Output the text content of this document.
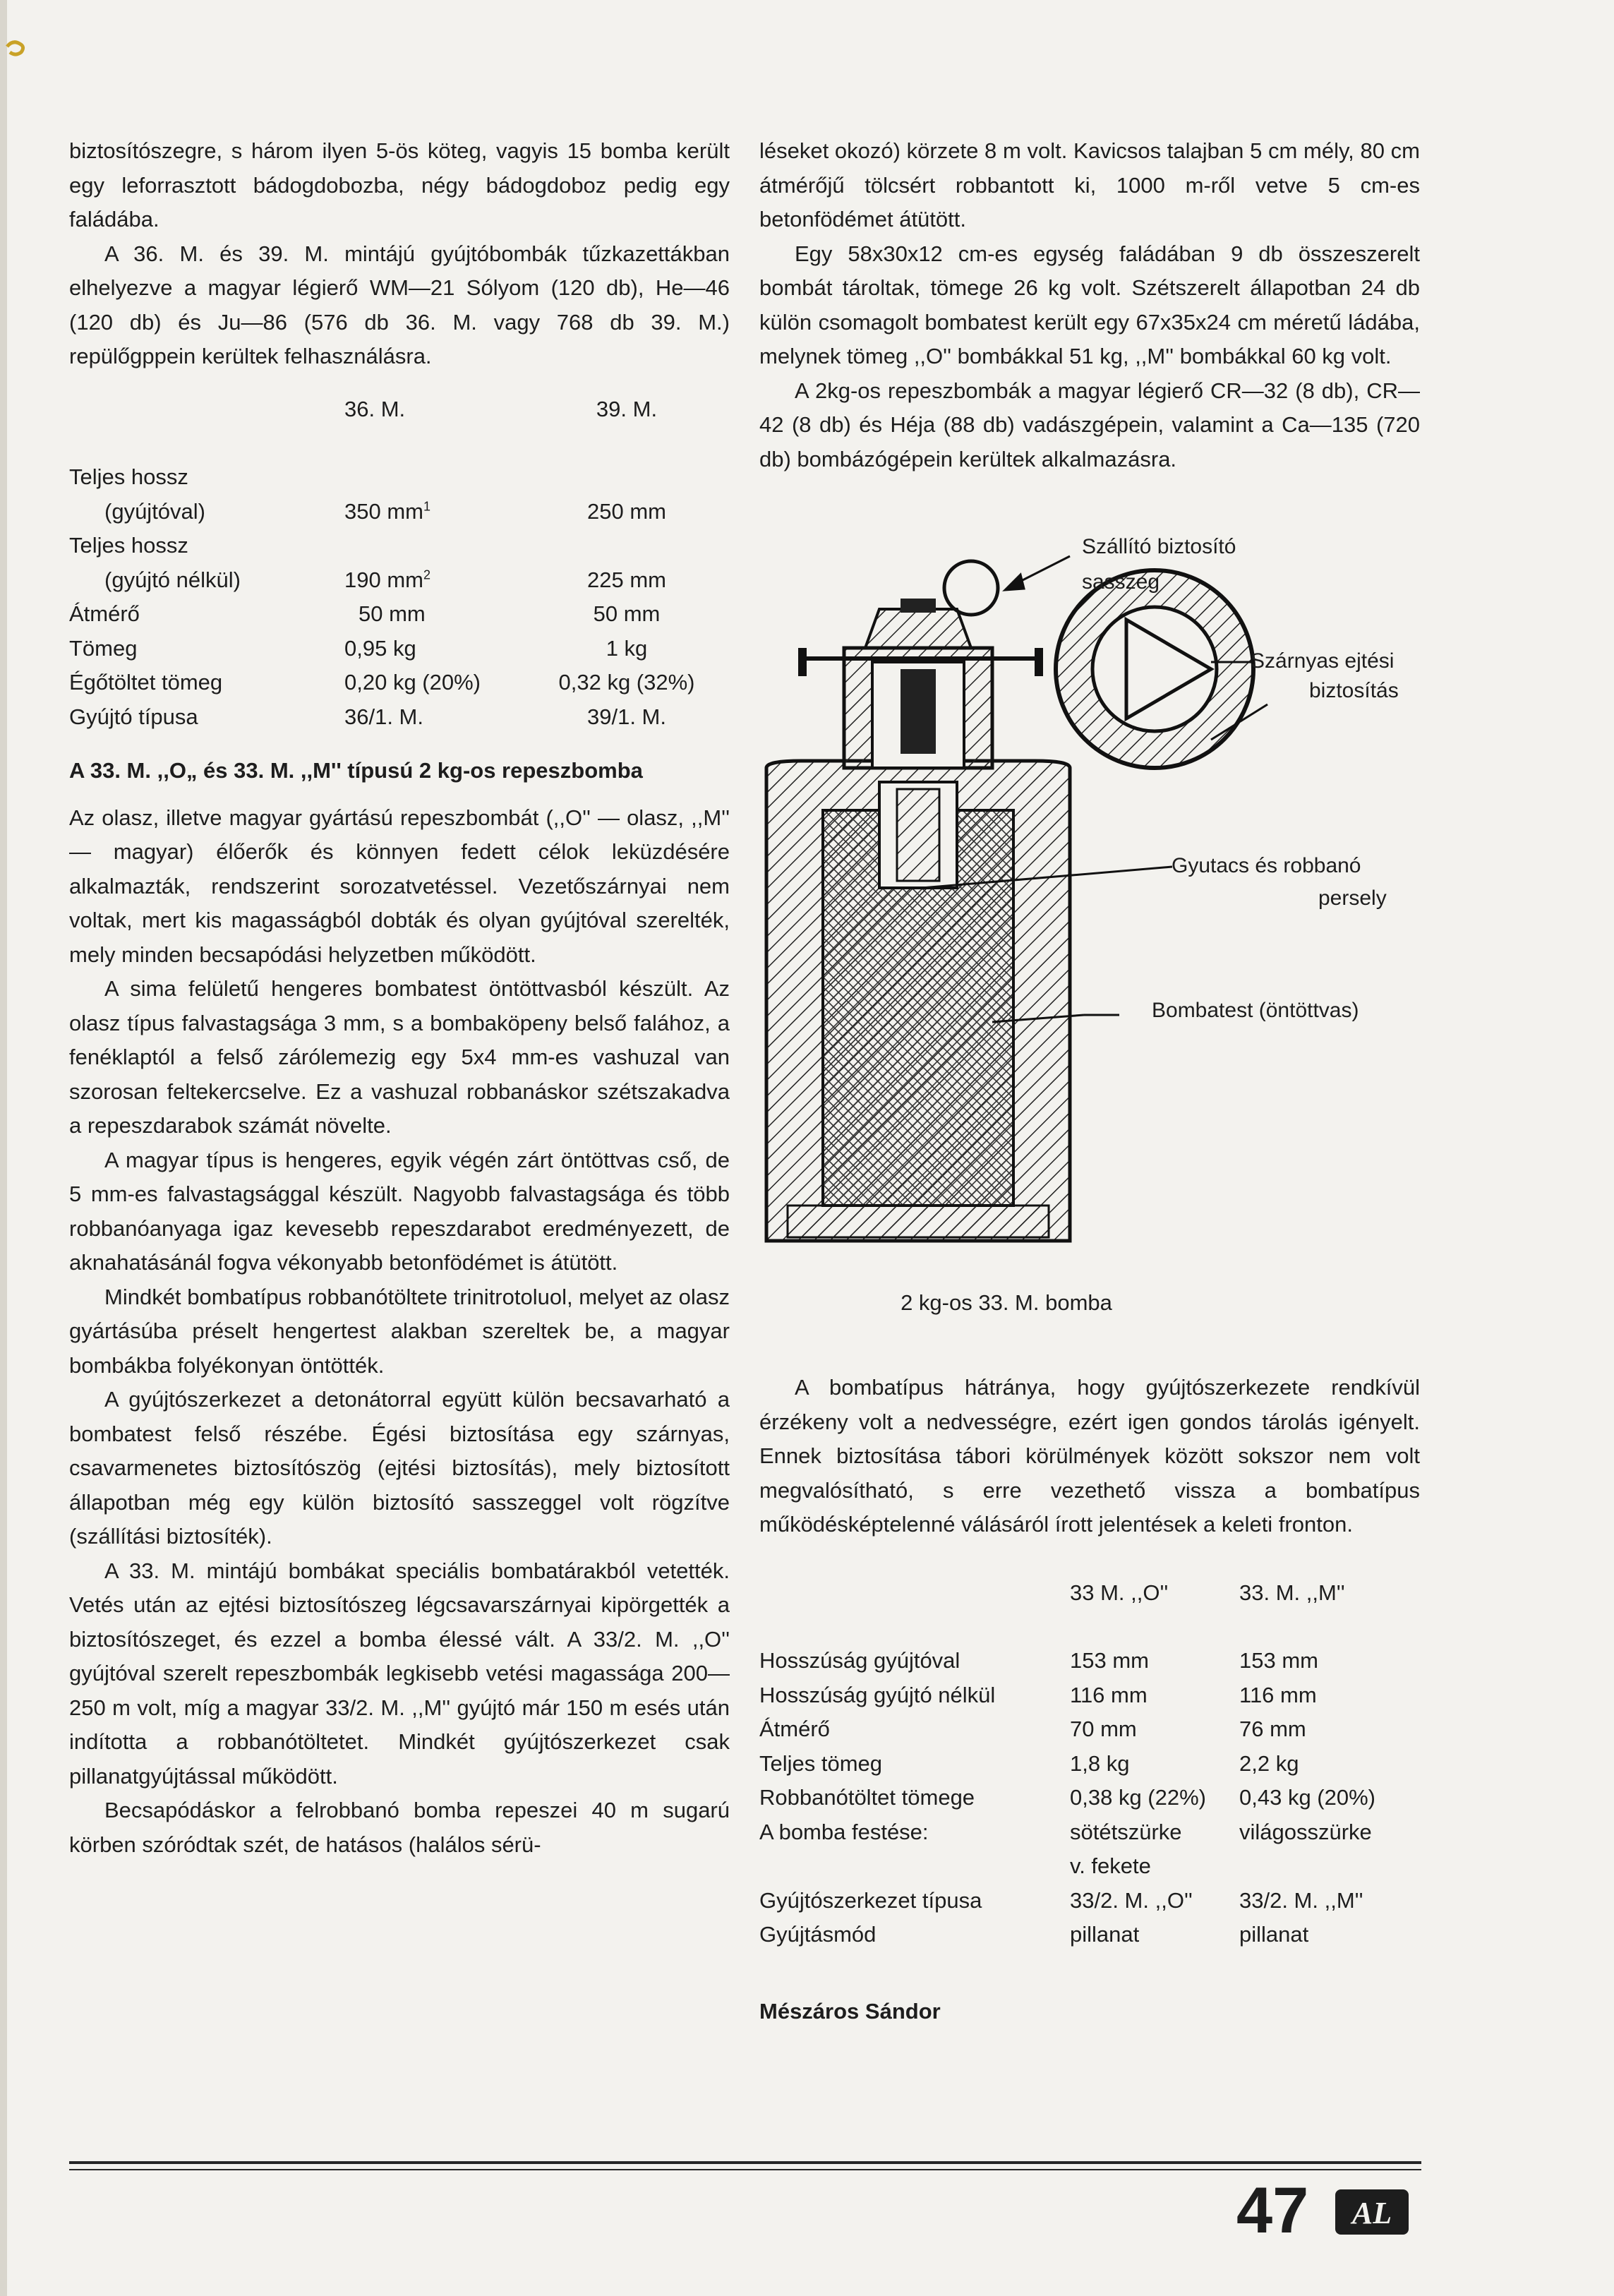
biztosítószegre, s három ilyen 5-ös köteg, vagyis 15 bomba került egy leforrasztott bádogdobozba, négy bádogdoboz pedig egy faládába.

A 36. M. és 39. M. mintájú gyújtóbombák tűzkazettákban elhelyezve a magyar légierő WM—21 Sólyom (120 db), He—46 (120 db) és Ju—86 (576 db 36. M. vagy 768 db 39. M.) repülőgppein kerültek felhasználásra.

	36. M.	39. M.

Teljes hossz		
(gyújtóval)	350 $mm^1$	250 mm
Teljes hossz		
(gyújtó nélkül)	190 $mm^2$	225 mm
Átmérő	50 mm	50 mm
Tömeg	0,95 kg	1 kg
Égőtöltet tömeg	0,20 kg (20%)	0,32 kg (32%)
Gyújtó típusa	36/1. M.	39/1. M.

A 33. M. ,,O„ és 33. M. ,,M'' típusú 2 kg-os repeszbomba

Az olasz, illetve magyar gyártású repeszbombát (,,O'' — olasz, ,,M'' — magyar) élőerők és könnyen fedett célok leküzdésére alkalmazták, rendszerint sorozatvetéssel. Vezetőszárnyai nem voltak, mert kis magasságból dobták és olyan gyújtóval szerelték, mely minden becsapódási helyzetben működött.

A sima felületű hengeres bombatest öntöttvasból készült. Az olasz típus falvastagsága 3 mm, s a bombaköpeny belső falához, a fenéklaptól a felső zárólemezig egy 5x4 mm-es vashuzal van szorosan feltekercselve. Ez a vashuzal robbanáskor szétszakadva a repeszdarabok számát növelte.

A magyar típus is hengeres, egyik végén zárt öntöttvas cső, de 5 mm-es falvastagsággal készült. Nagyobb falvastagsága és több robbanóanyaga igaz kevesebb repeszdarabot eredményezett, de aknahatásánál fogva vékonyabb betonfödémet is átütött.

Mindkét bombatípus robbanótöltete trinitrotoluol, melyet az olasz gyártásúba préselt hengertest alakban szereltek be, a magyar bombákba folyékonyan öntötték.

A gyújtószerkezet a detonátorral együtt külön becsavarható a bombatest felső részébe. Égési biztosítása egy szárnyas, csavarmenetes biztosítószög (ejtési biztosítás), mely biztosított állapotban még egy külön biztosító sasszeggel volt rögzítve (szállítási biztosíték).

A 33. M. mintájú bombákat speciális bombatárakból vetették. Vetés után az ejtési biztosítószeg légcsavarszárnyai kipörgették a biztosítószeget, és ezzel a bomba élessé vált. A 33/2. M. ,,O'' gyújtóval szerelt repeszbombák legkisebb vetési magassága 200—250 m volt, míg a magyar 33/2. M. ,,M'' gyújtó már 150 m esés után indította a robbanótöltetet. Mindkét gyújtószerkezet csak pillanatgyújtással működött.

Becsapódáskor a felrobbanó bomba repeszei 40 m sugarú körben szóródtak szét, de hatásos (halálos sérü-

léseket okozó) körzete 8 m volt. Kavicsos talajban 5 cm mély, 80 cm átmérőjű tölcsért robbantott ki, 1000 m-ről vetve 5 cm-es betonfödémet átütött.

Egy 58x30x12 cm-es egység faládában 9 db összeszerelt bombát tároltak, tömege 26 kg volt. Szétszerelt állapotban 24 db külön csomagolt bombatest került egy 67x35x24 cm méretű ládába, melynek tömeg ,,O'' bombákkal 51 kg, ,,M'' bombákkal 60 kg volt.

A 2kg-os repeszbombák a magyar légierő CR—32 (8 db), CR—42 (8 db) és Héja (88 db) vadászgépein, valamint a Ca—135 (720 db) bombázógépein kerültek alkalmazásra.

Szállító biztosító
sasszeg
Szárnyas ejtési
biztosítás
Gyutacs és robbanó
persely
Bombatest (öntöttvas)
2 kg-os 33. M. bomba

A bombatípus hátránya, hogy gyújtószerkezete rendkívül érzékeny volt a nedvességre, ezért igen gondos tárolás igényelt. Ennek biztosítása tábori körülmények között sokszor nem volt megvalósítható, s erre vezethető vissza a bombatípus működésképtelenné válásáról írott jelentések a keleti fronton.

	33 M. ,,O''	33. M. ,,M''

Hosszúság gyújtóval	153 mm	153 mm
Hosszúság gyújtó nélkül	116 mm	116 mm
Átmérő	70 mm	76 mm
Teljes tömeg	1,8 kg	2,2 kg
Robbanótöltet tömege	0,38 kg (22%)	0,43 kg (20%)
A bomba festése:	sötétszürke	világosszürke
	v. fekete	
Gyújtószerkezet típusa	33/2. M. ,,O''	33/2. M. ,,M''
Gyújtásmód	pillanat	pillanat

Mészáros Sándor

47 AL
